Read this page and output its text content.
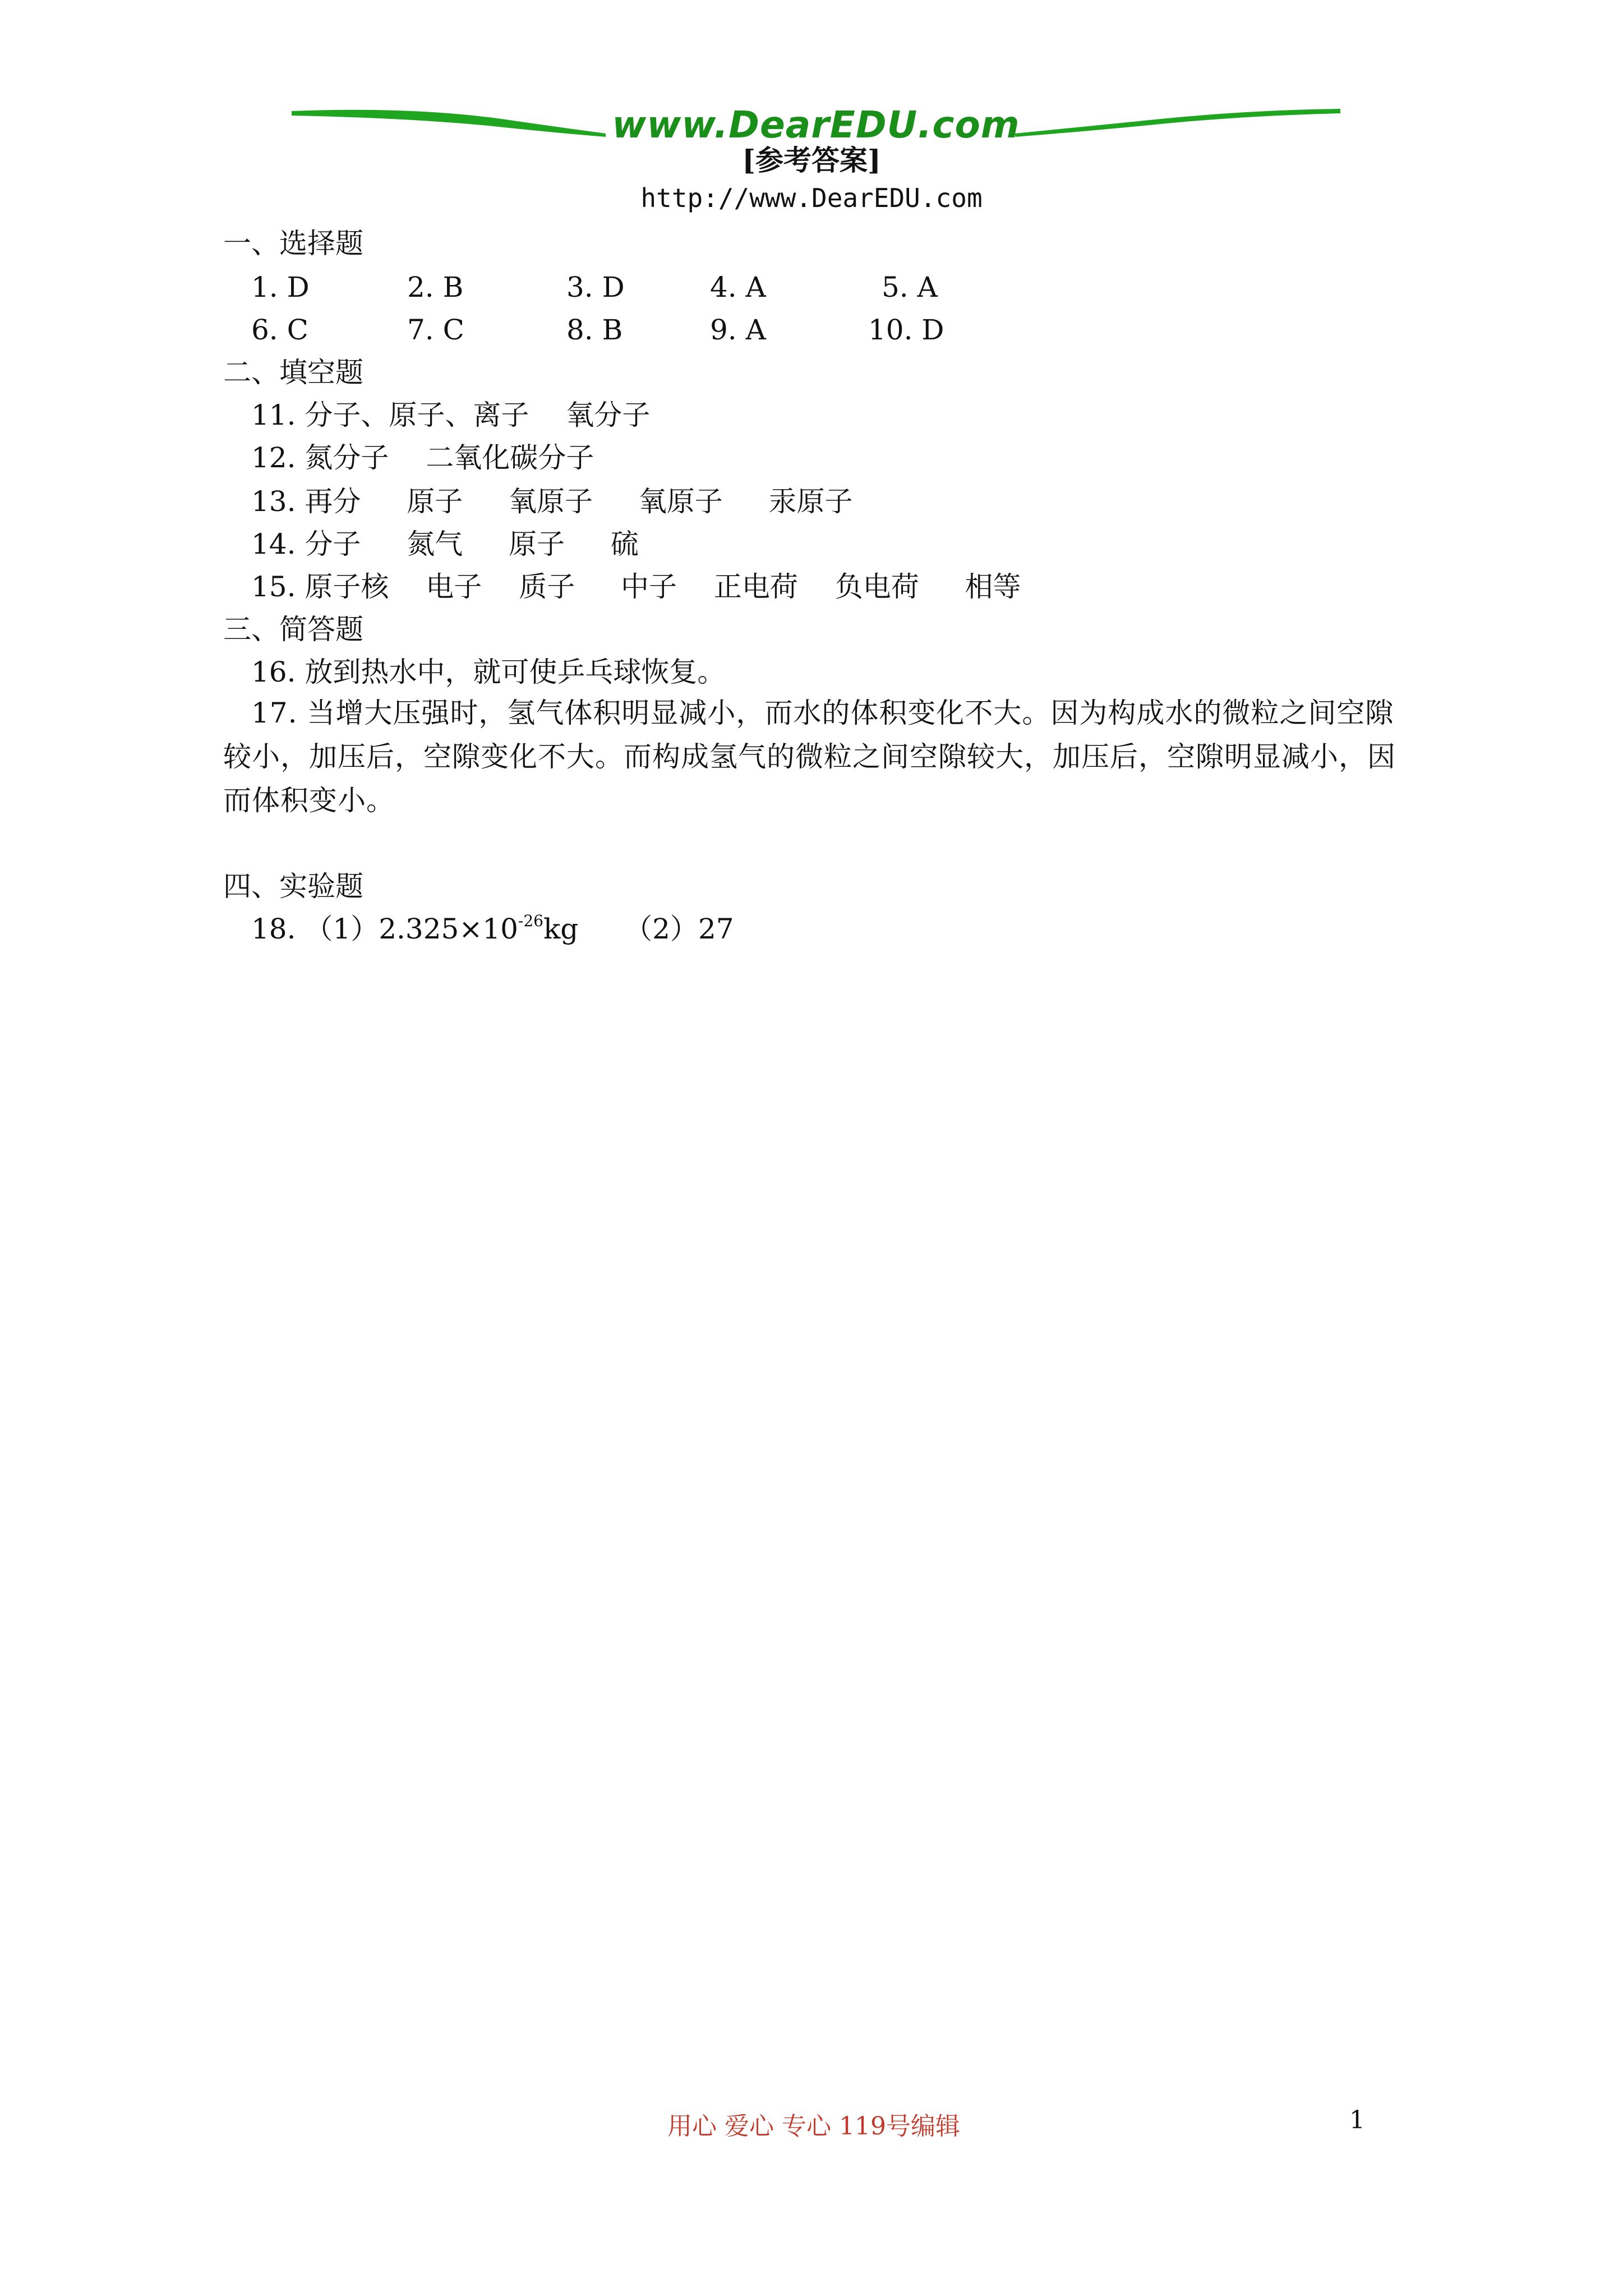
www.DearEDU.com
[参考答案]
http://www.DearEDU.com
一、选择题
1. D	2. B	3. D	4. A	5. A
6. C	7. C	8. B	9. A	10. D
二、填空题
11. 分子、原子、离子 　氧分子
12. 氮分子 　二氧化碳分子
13. 再分 　 原子 　 氧原子 　 氧原子 　 汞原子
14. 分子 　 氮气 　 原子 　 硫
15. 原子核 　电子 　质子 　 中子 　正电荷 　负电荷 　 相等
三、简答题
16. 放到热水中，就可使乒乓球恢复。
17. 当增大压强时，氢气体积明显减小，而水的体积变化不大。因为构成水的微粒之间空隙较小，加压后，空隙变化不大。而构成氢气的微粒之间空隙较大，加压后，空隙明显减小，因而体积变小。
四、实验题
18. $(1)2.325\times 10^{-26}kg$ 　 （2）27
用心 爱心 专心 119号编辑	1
